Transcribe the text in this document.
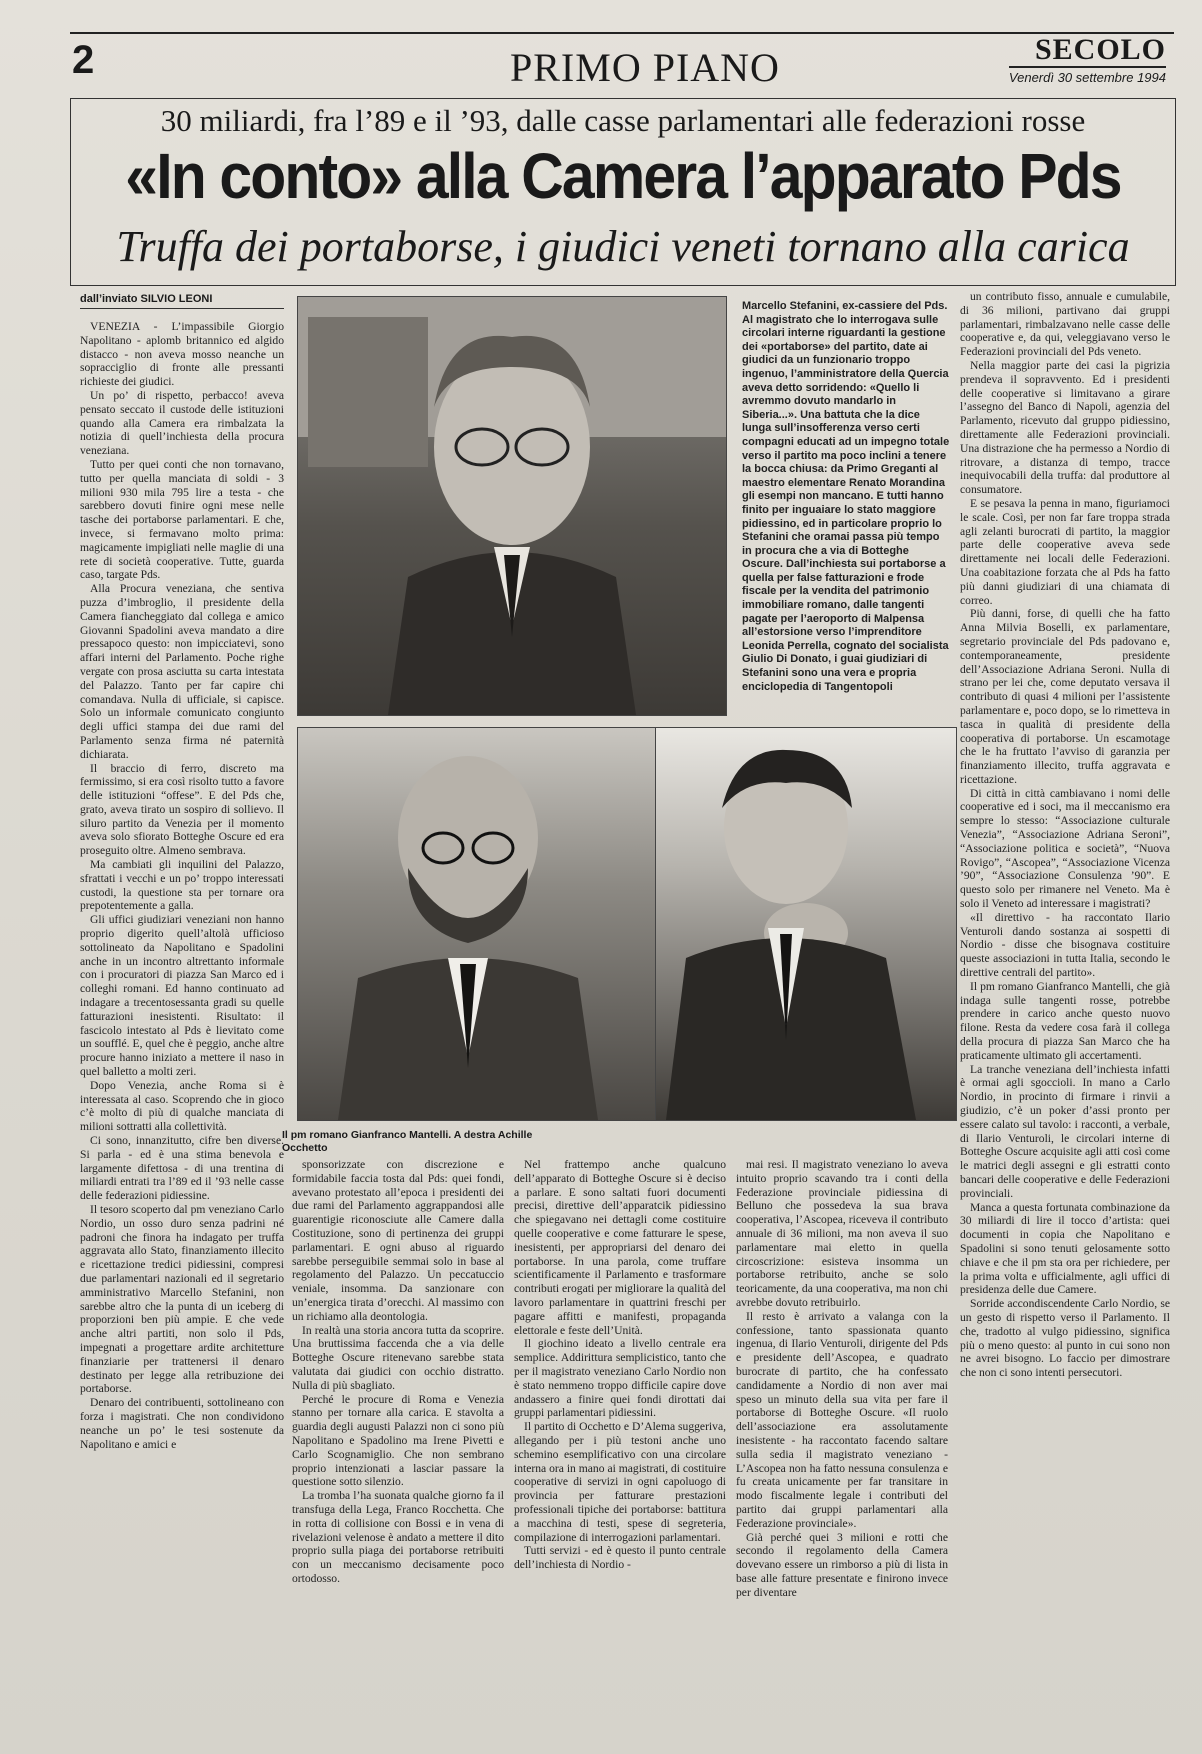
2	PRIMO PIANO	SECOLO
Venerdì 30 settembre 1994
30 miliardi, fra l’89 e il ’93, dalle casse parlamentari alle federazioni rosse
«In conto» alla Camera l’apparato Pds
Truffa dei portaborse, i giudici veneti tornano alla carica
dall’inviato SILVIO LEONI
Marcello Stefanini, ex-cassiere del Pds. Al magistrato che lo interrogava sulle circolari interne riguardanti la gestione dei «portaborse» del partito, date ai giudici da un funzionario troppo ingenuo, l’amministratore della Quercia aveva detto sorridendo: «Quello li avremmo dovuto mandarlo in Siberia...». Una battuta che la dice lunga sull’insofferenza verso certi compagni educati ad un impegno totale verso il partito ma poco inclini a tenere la bocca chiusa: da Primo Greganti al maestro elementare Renato Morandina gli esempi non mancano. E tutti hanno finito per inguaiare lo stato maggiore pidiessino, ed in particolare proprio lo Stefanini che oramai passa più tempo in procura che a via di Botteghe Oscure. Dall’inchiesta sui portaborse a quella per false fatturazioni e frode fiscale per la vendita del patrimonio immobiliare romano, dalle tangenti pagate per l’aeroporto di Malpensa all’estorsione verso l’imprenditore Leonida Perrella, cognato del socialista Giulio Di Donato, i guai giudiziari di Stefanini sono una vera e propria enciclopedia di Tangentopoli
Il pm romano Gianfranco Mantelli. A destra Achille Occhetto

VENEZIA - L’impassibile Giorgio Napolitano - aplomb britannico ed algido distacco - non aveva mosso neanche un sopracciglio di fronte alle pressanti richieste dei giudici.

Un po’ di rispetto, perbacco! aveva pensato seccato il custode delle istituzioni quando alla Camera era rimbalzata la notizia di quell’inchiesta della procura veneziana.

Tutto per quei conti che non tornavano, tutto per quella manciata di soldi - 3 milioni 930 mila 795 lire a testa - che sarebbero dovuti finire ogni mese nelle tasche dei portaborse parlamentari. E che, invece, si fermavano molto prima: magicamente impigliati nelle maglie di una rete di società cooperative. Tutte, guarda caso, targate Pds.

Alla Procura veneziana, che sentiva puzza d’imbroglio, il presidente della Camera fiancheggiato dal collega e amico Giovanni Spadolini aveva mandato a dire pressapoco questo: non impicciatevi, sono affari interni del Parlamento. Poche righe vergate con prosa asciutta su carta intestata del Palazzo. Tanto per far capire chi comandava. Nulla di ufficiale, si capisce. Solo un informale comunicato congiunto degli uffici stampa dei due rami del Parlamento senza firma né paternità dichiarata.

Il braccio di ferro, discreto ma fermissimo, si era così risolto tutto a favore delle istituzioni “offese”. E del Pds che, grato, aveva tirato un sospiro di sollievo. Il siluro partito da Venezia per il momento aveva solo sfiorato Botteghe Oscure ed era proseguito oltre. Almeno sembrava.

Ma cambiati gli inquilini del Palazzo, sfrattati i vecchi e un po’ troppo interessati custodi, la questione sta per tornare ora prepotentemente a galla.

Gli uffici giudiziari veneziani non hanno proprio digerito quell’altolà ufficioso sottolineato da Napolitano e Spadolini anche in un incontro altrettanto informale con i procuratori di piazza San Marco ed i colleghi romani. Ed hanno continuato ad indagare a trecentosessanta gradi su quelle fatturazioni inesistenti. Risultato: il fascicolo intestato al Pds è lievitato come un soufflé. E, quel che è peggio, anche altre procure hanno iniziato a mettere il naso in quel balletto a molti zeri.

Dopo Venezia, anche Roma si è interessata al caso. Scoprendo che in gioco c’è molto di più di qualche manciata di milioni sottratti alla collettività.

Ci sono, innanzitutto, cifre ben diverse. Si parla - ed è una stima benevola e largamente difettosa - di una trentina di miliardi entrati tra l’89 ed il ’93 nelle casse delle federazioni pidiessine.

Il tesoro scoperto dal pm veneziano Carlo Nordio, un osso duro senza padrini né padroni che finora ha indagato per truffa aggravata allo Stato, finanziamento illecito e ricettazione tredici pidiessini, compresi due parlamentari nazionali ed il segretario amministrativo Marcello Stefanini, non sarebbe altro che la punta di un iceberg di proporzioni ben più ampie. E che vede anche altri partiti, non solo il Pds, impegnati a progettare ardite architetture finanziarie per trattenersi il denaro destinato per legge alla retribuzione dei portaborse.

Denaro dei contribuenti, sottolineano con forza i magistrati. Che non condividono neanche un po’ le tesi sostenute da Napolitano e amici e

sponsorizzate con discrezione e formidabile faccia tosta dal Pds: quei fondi, avevano protestato all’epoca i presidenti dei due rami del Parlamento aggrappandosi alle guarentigie riconosciute alle Camere dalla Costituzione, sono di pertinenza dei gruppi parlamentari. E ogni abuso al riguardo sarebbe perseguibile semmai solo in base al regolamento del Palazzo. Un peccatuccio veniale, insomma. Da sanzionare con un’energica tirata d’orecchi. Al massimo con un richiamo alla deontologia.

In realtà una storia ancora tutta da scoprire. Una bruttissima faccenda che a via delle Botteghe Oscure ritenevano sarebbe stata valutata dai giudici con occhio distratto. Nulla di più sbagliato.

Perché le procure di Roma e Venezia stanno per tornare alla carica. E stavolta a guardia degli augusti Palazzi non ci sono più Napolitano e Spadolino ma Irene Pivetti e Carlo Scognamiglio. Che non sembrano proprio intenzionati a lasciar passare la questione sotto silenzio.

La tromba l’ha suonata qualche giorno fa il transfuga della Lega, Franco Rocchetta. Che in rotta di collisione con Bossi e in vena di rivelazioni velenose è andato a mettere il dito proprio sulla piaga dei portaborse retribuiti con un meccanismo decisamente poco ortodosso.

Nel frattempo anche qualcuno dell’apparato di Botteghe Oscure si è deciso a parlare. E sono saltati fuori documenti precisi, direttive dell’apparatcik pidiessino che spiegavano nei dettagli come costituire quelle cooperative e come fatturare le spese, inesistenti, per appropriarsi del denaro dei portaborse. In una parola, come truffare scientificamente il Parlamento e trasformare contributi erogati per migliorare la qualità del lavoro parlamentare in quattrini freschi per pagare affitti e manifesti, propaganda elettorale e feste dell’Unità.

Il giochino ideato a livello centrale era semplice. Addirittura semplicistico, tanto che per il magistrato veneziano Carlo Nordio non è stato nemmeno troppo difficile capire dove andassero a finire quei fondi dirottati dai gruppi parlamentari pidiessini.

Il partito di Occhetto e D’Alema suggeriva, allegando per i più testoni anche uno schemino esemplificativo con una circolare interna ora in mano ai magistrati, di costituire cooperative di servizi in ogni capoluogo di provincia per fatturare prestazioni professionali tipiche dei portaborse: battitura a macchina di testi, spese di segreteria, compilazione di interrogazioni parlamentari.

Tutti servizi - ed è questo il punto centrale dell’inchiesta di Nordio -

mai resi. Il magistrato veneziano lo aveva intuito proprio scavando tra i conti della Federazione provinciale pidiessina di Belluno che possedeva la sua brava cooperativa, l’Ascopea, riceveva il contributo annuale di 36 milioni, ma non aveva il suo parlamentare mai eletto in quella circoscrizione: esisteva insomma un portaborse retribuito, anche se solo teoricamente, da una cooperativa, ma non chi avrebbe dovuto retribuirlo.

Il resto è arrivato a valanga con la confessione, tanto spassionata quanto ingenua, di Ilario Venturoli, dirigente del Pds e presidente dell’Ascopea, e quadrato burocrate di partito, che ha confessato candidamente a Nordio di non aver mai speso un minuto della sua vita per fare il portaborse di Botteghe Oscure. «Il ruolo dell’associazione era assolutamente inesistente - ha raccontato facendo saltare sulla sedia il magistrato veneziano - L’Ascopea non ha fatto nessuna consulenza e fu creata unicamente per far transitare in modo fiscalmente legale i contributi del partito dai gruppi parlamentari alla Federazione provinciale».

Già perché quei 3 milioni e rotti che secondo il regolamento della Camera dovevano essere un rimborso a più di lista in base alle fatture presentate e finirono invece per diventare

un contributo fisso, annuale e cumulabile, di 36 milioni, partivano dai gruppi parlamentari, rimbalzavano nelle casse delle cooperative e, da qui, veleggiavano verso le Federazioni provinciali del Pds veneto.

Nella maggior parte dei casi la pigrizia prendeva il sopravvento. Ed i presidenti delle cooperative si limitavano a girare l’assegno del Banco di Napoli, agenzia del Parlamento, ricevuto dal gruppo pidiessino, direttamente alle Federazioni provinciali. Una distrazione che ha permesso a Nordio di ritrovare, a distanza di tempo, tracce inequivocabili della truffa: dal produttore al consumatore.

E se pesava la penna in mano, figuriamoci le scale. Così, per non far fare troppa strada agli zelanti burocrati di partito, la maggior parte delle cooperative aveva sede direttamente nei locali delle Federazioni. Una coabitazione forzata che al Pds ha fatto più danni giudiziari di una chiamata di correo.

Più danni, forse, di quelli che ha fatto Anna Milvia Boselli, ex parlamentare, segretario provinciale del Pds padovano e, contemporaneamente, presidente dell’Associazione Adriana Seroni. Nulla di strano per lei che, come deputato versava il contributo di quasi 4 milioni per l’assistente parlamentare e, poco dopo, se lo rimetteva in tasca in qualità di presidente della cooperativa di portaborse. Un escamotage che le ha fruttato l’avviso di garanzia per finanziamento illecito, truffa aggravata e ricettazione.

Di città in città cambiavano i nomi delle cooperative ed i soci, ma il meccanismo era sempre lo stesso: “Associazione culturale Venezia”, “Associazione Adriana Seroni”, “Associazione politica e società”, “Nuova Rovigo”, “Ascopea”, “Associazione Vicenza ’90”, “Associazione Consulenza ’90”. E questo solo per rimanere nel Veneto. Ma è solo il Veneto ad interessare i magistrati?

«Il direttivo - ha raccontato Ilario Venturoli dando sostanza ai sospetti di Nordio - disse che bisognava costituire queste associazioni in tutta Italia, secondo le direttive centrali del partito».

Il pm romano Gianfranco Mantelli, che già indaga sulle tangenti rosse, potrebbe prendere in carico anche questo nuovo filone. Resta da vedere cosa farà il collega della procura di piazza San Marco che ha praticamente ultimato gli accertamenti.

La tranche veneziana dell’inchiesta infatti è ormai agli sgoccioli. In mano a Carlo Nordio, in procinto di firmare i rinvii a giudizio, c’è un poker d’assi pronto per essere calato sul tavolo: i racconti, a verbale, di Ilario Venturoli, le circolari interne di Botteghe Oscure acquisite agli atti così come le matrici degli assegni e gli estratti conto bancari delle cooperative e delle Federazioni provinciali.

Manca a questa fortunata combinazione da 30 miliardi di lire il tocco d’artista: quei documenti in copia che Napolitano e Spadolini si sono tenuti gelosamente sotto chiave e che il pm sta ora per richiedere, per la prima volta e ufficialmente, agli uffici di presidenza delle due Camere.

Sorride accondiscendente Carlo Nordio, se un gesto di rispetto verso il Parlamento. Il che, tradotto al vulgo pidiessino, significa più o meno questo: al punto in cui sono non ne avrei bisogno. Lo faccio per dimostrare che non ci sono intenti persecutori.
